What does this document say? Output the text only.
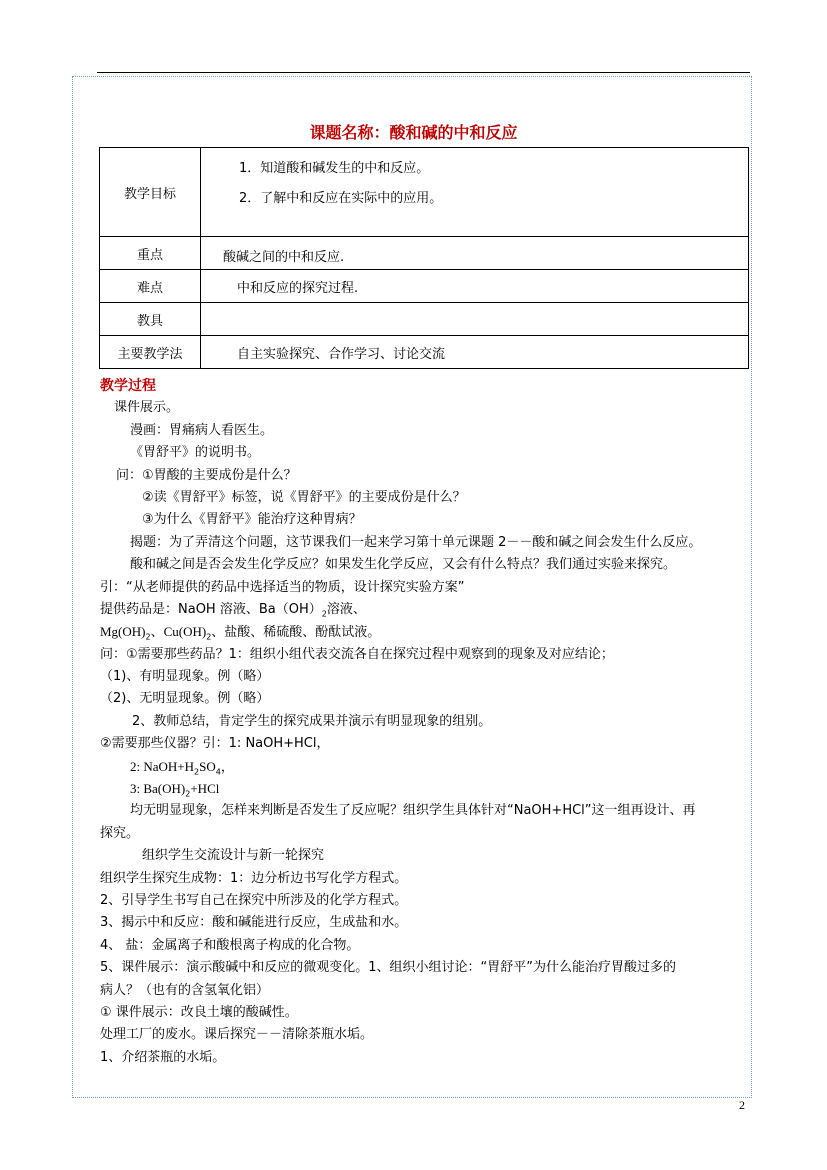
课题名称：酸和碱的中和反应
教学目标	1．知道酸和碱发生的中和反应。
2．了解中和反应在实际中的应用。

重点	酸碱之间的中和反应.
难点	中和反应的探究过程.
教具	
主要教学法	自主实验探究、合作学习、讨论交流
教学过程
课件展示。
漫画：胃痛病人看医生。
《胃舒平》的说明书。
问：①胃酸的主要成份是什么？
②读《胃舒平》标签，说《胃舒平》的主要成份是什么？
③为什么《胃舒平》能治疗这种胃病？
揭题：为了弄清这个问题，这节课我们一起来学习第十单元课题 2－－酸和碱之间会发生什么反应。
酸和碱之间是否会发生化学反应？如果发生化学反应，又会有什么特点？我们通过实验来探究。
引：“从老师提供的药品中选择适当的物质，设计探究实验方案”
提供药品是：NaOH 溶液、$Ba(OH)_2$溶液、
$Mg(OH)_2$、$Cu(OH)_2$、盐酸、稀硫酸、酚酞试液。
问：①需要那些药品？1：组织小组代表交流各自在探究过程中观察到的现象及对应结论；
（1)、有明显现象。例（略）
（2)、无明显现象。例（略）
2、教师总结，肯定学生的探究成果并演示有明显现象的组别。
②需要那些仪器？引：1: NaOH+HCl，
2: $NaOH+H_2SO_4$，
3: $Ba(OH)_2+HCl$
均无明显现象，怎样来判断是否发生了反应呢？组织学生具体针对“NaOH+HCl”这一组再设计、再
探究。
组织学生交流设计与新一轮探究
组织学生探究生成物：1：边分析边书写化学方程式。
2、引导学生书写自己在探究中所涉及的化学方程式。
3、揭示中和反应：酸和碱能进行反应，生成盐和水。
4、 盐：金属离子和酸根离子构成的化合物。
5、课件展示：演示酸碱中和反应的微观变化。1、组织小组讨论：“胃舒平”为什么能治疗胃酸过多的
病人？（也有的含氢氧化铝）
① 课件展示：改良土壤的酸碱性。
处理工厂的废水。课后探究－－清除茶瓶水垢。
1、介绍茶瓶的水垢。
2
